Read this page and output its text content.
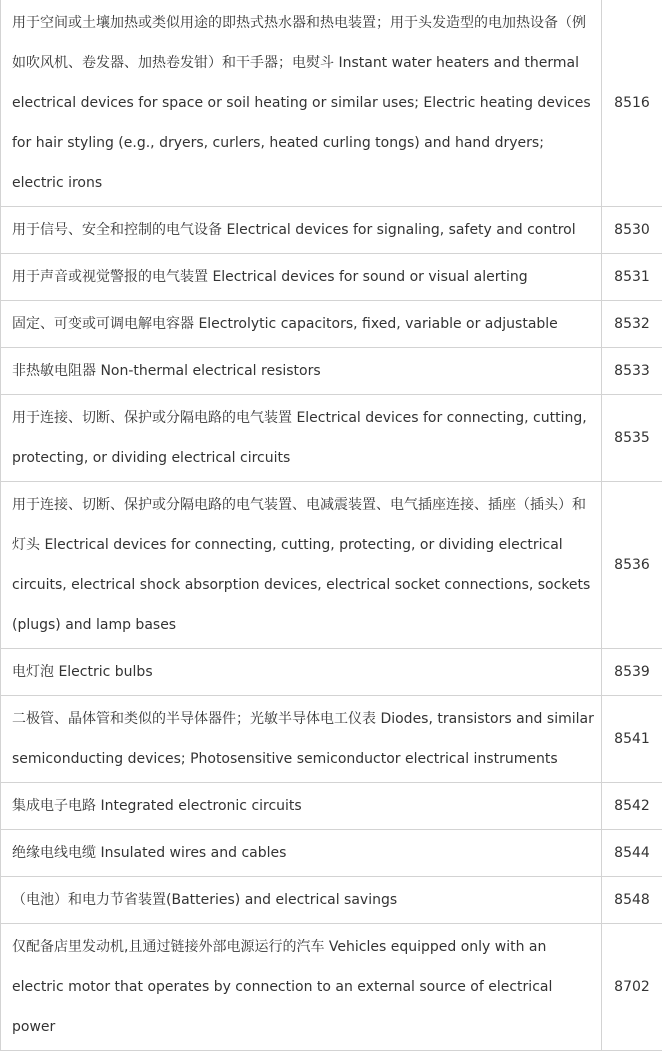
用于空间或土壤加热或类似用途的即热式热水器和热电装置；用于头发造型的电加热设备（例如吹风机、卷发器、加热卷发钳）和干手器；电熨斗 Instant water heaters and thermal electrical devices for space or soil heating or similar uses; Electric heating devices for hair styling (e.g., dryers, curlers, heated curling tongs) and hand dryers; electric irons	8516
用于信号、安全和控制的电气设备 Electrical devices for signaling, safety and control	8530
用于声音或视觉警报的电气装置 Electrical devices for sound or visual alerting	8531
固定、可变或可调电解电容器 Electrolytic capacitors, fixed, variable or adjustable	8532
非热敏电阻器 Non-thermal electrical resistors	8533
用于连接、切断、保护或分隔电路的电气装置 Electrical devices for connecting, cutting, protecting, or dividing electrical circuits	8535
用于连接、切断、保护或分隔电路的电气装置、电减震装置、电气插座连接、插座（插头）和灯头 Electrical devices for connecting, cutting, protecting, or dividing electrical circuits, electrical shock absorption devices, electrical socket connections, sockets (plugs) and lamp bases	8536
电灯泡 Electric bulbs	8539
二极管、晶体管和类似的半导体器件；光敏半导体电工仪表 Diodes, transistors and similar semiconducting devices; Photosensitive semiconductor electrical instruments	8541
集成电子电路 Integrated electronic circuits	8542
绝缘电线电缆 Insulated wires and cables	8544
（电池）和电力节省装置(Batteries) and electrical savings	8548
仅配备店里发动机,且通过链接外部电源运行的汽车 Vehicles equipped only with an electric motor that operates by connection to an external source of electrical power	8702
